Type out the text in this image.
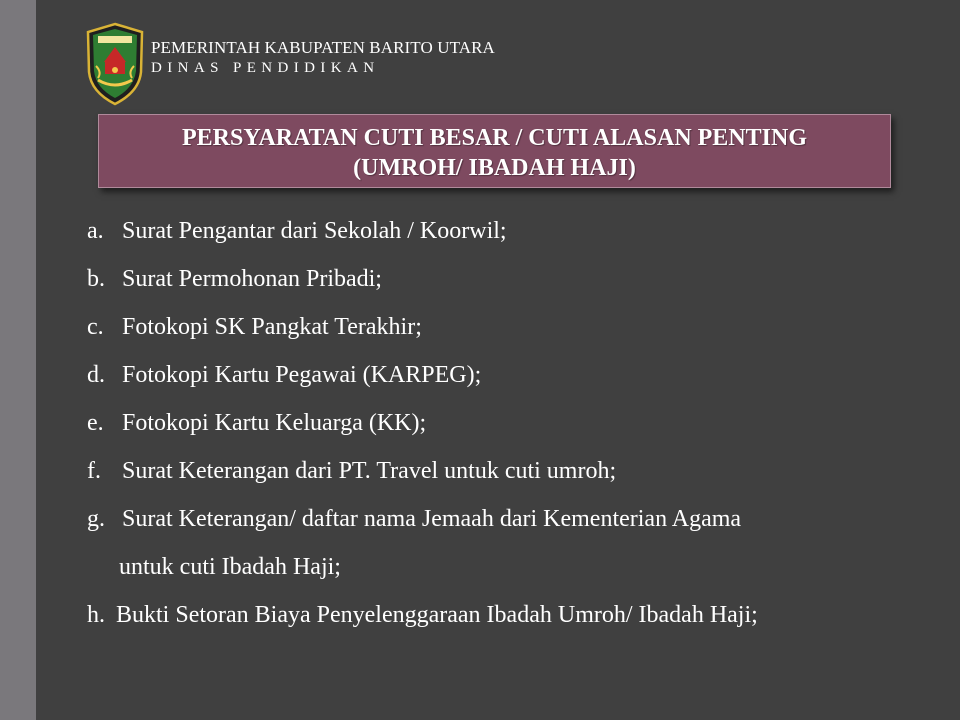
PEMERINTAH KABUPATEN BARITO UTARA
DINAS PENDIDIKAN
PERSYARATAN CUTI BESAR / CUTI ALASAN PENTING
(UMROH/ IBADAH HAJI)
a. Surat Pengantar dari Sekolah / Koorwil;
b. Surat Permohonan Pribadi;
c. Fotokopi SK Pangkat Terakhir;
d. Fotokopi Kartu Pegawai (KARPEG);
e. Fotokopi Kartu Keluarga (KK);
f. Surat Keterangan dari PT. Travel untuk cuti umroh;
g. Surat Keterangan/ daftar nama Jemaah dari Kementerian Agama
untuk cuti Ibadah Haji;
h. Bukti Setoran Biaya Penyelenggaraan Ibadah Umroh/ Ibadah Haji;
